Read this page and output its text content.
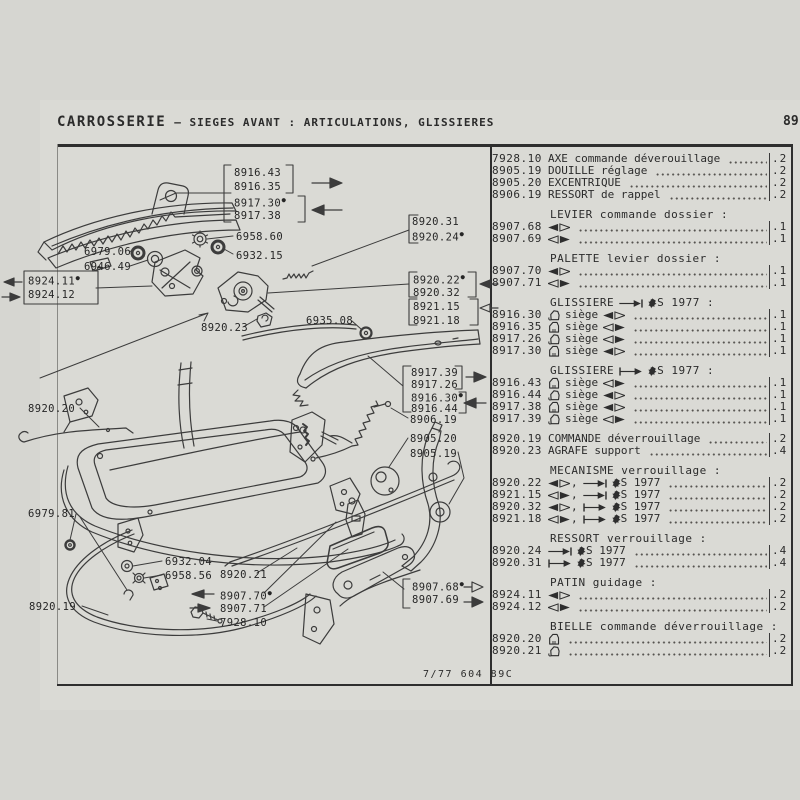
CARROSSERIE – SIEGES AVANT : ARTICULATIONS, GLISSIERES	89
8916.43
8916.35
8917.30●
8917.38
6958.60
6932.15
6979.06
6946.49
8924.11●
8924.12
8920.31
8920.24●
8920.22●
8920.32
8921.15
8921.18
6935.08
8917.39
8917.26
8916.30●
8916.44
8906.19
8905.20
8905.19
8920.20
8920.23
6979.81
6932.04
6958.56 8920.21
8907.70●
8907.71
7928.10
8920.19
8907.68●
8907.69
7928.10 AXE commande déverouillage	. 2
8905.19 DOUILLE réglage	. 2
8905.20 EXCENTRIQUE	. 2
8906.19 RESSORT de rappel	. 2
LEVIER commande dossier :
8907.68	. 1
8907.69	. 1
PALETTE levier dossier :
8907.70	. 1
8907.71	. 1
GLISSIERE	S 1977 :
8916.30	siège	. 1
8916.35	siège	. 1
8917.26	siège	. 1
8917.30	siège	. 1
GLISSIERE	S 1977 :
8916.43	siège	. 1
8916.44	siège	. 1
8917.38	siège	. 1
8917.39	siège	. 1
8920.19 COMMANDE déverrouillage	. 2
8920.23 AGRAFE support	. 4
MECANISME verrouillage :
8920.22	,	S 1977	. 2
8921.15	,	S 1977	. 2
8920.32	,	S 1977	. 2
8921.18	,	S 1977	. 2
RESSORT verrouillage :
8920.24	S 1977	. 4
8920.31	S 1977	. 4
PATIN guidage :
8924.11	. 2
8924.12	. 2
BIELLE commande déverrouillage :
8920.20	. 2
8920.21	. 2
7/77 604 89C
